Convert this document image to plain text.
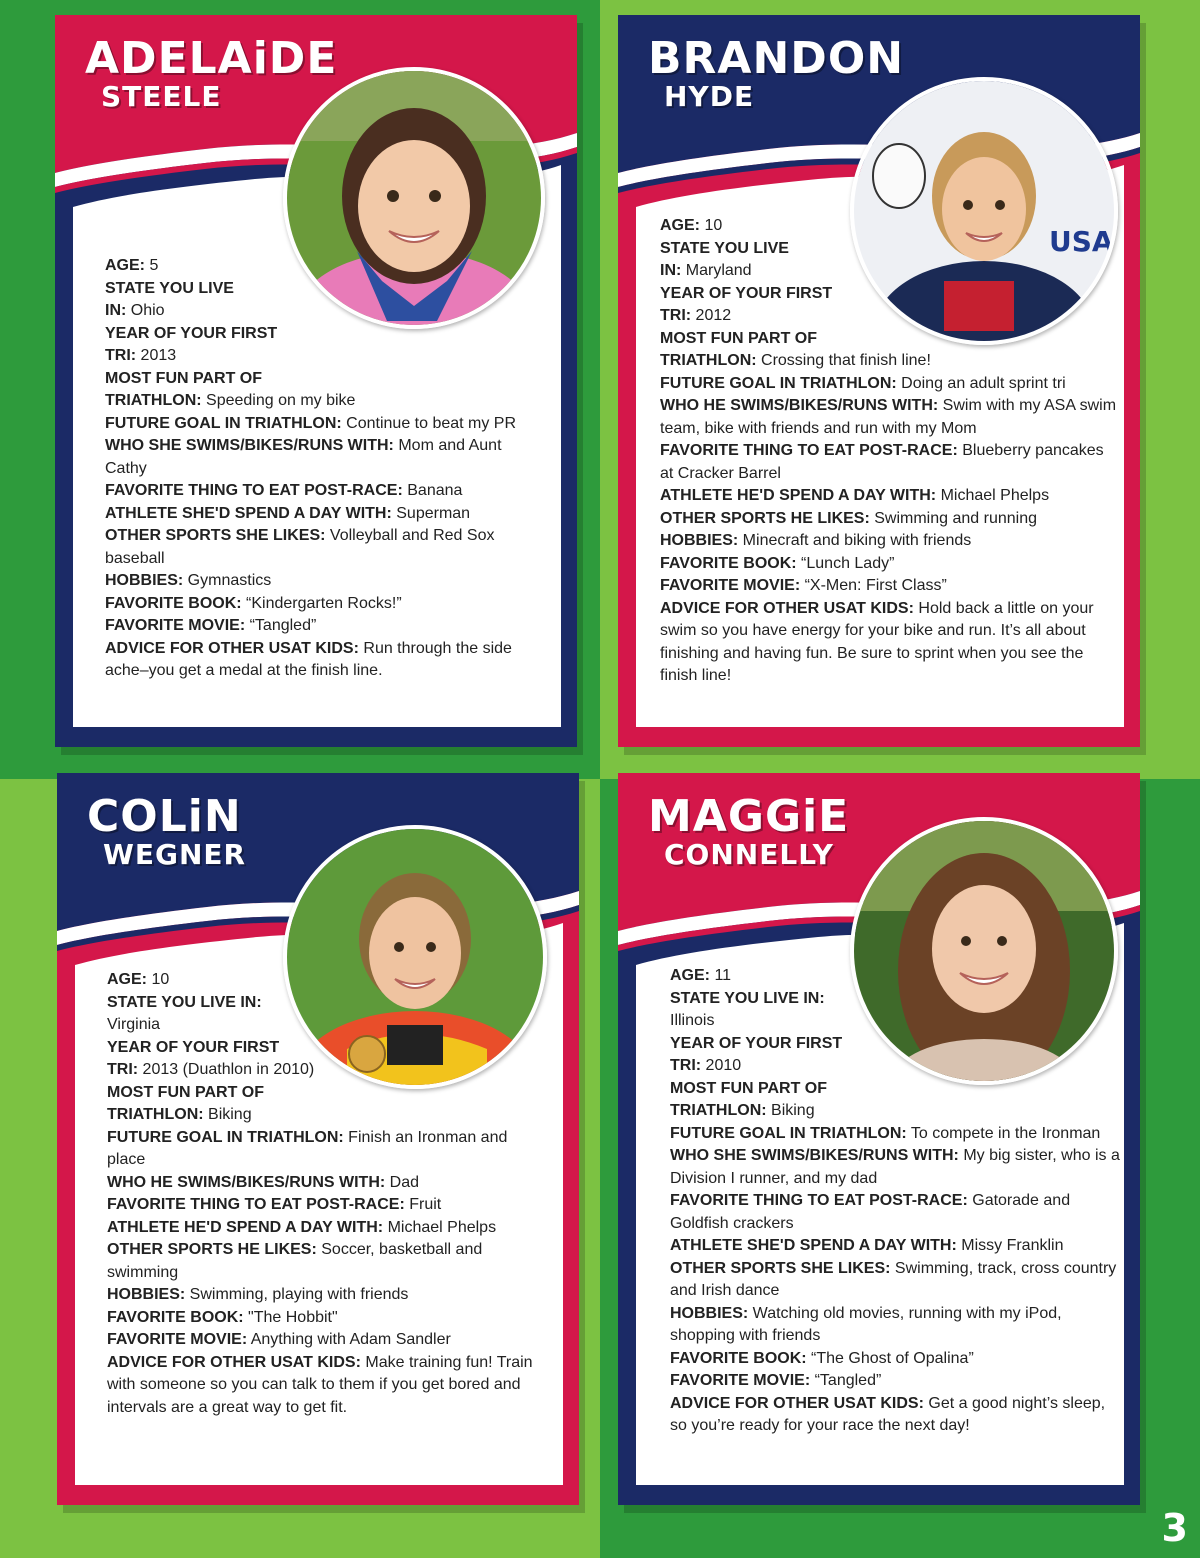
ADELAiDE
STEELE
AGE: 5
STATE YOU LIVE
IN: Ohio
YEAR OF YOUR FIRST
TRI: 2013
MOST FUN PART OF
TRIATHLON: Speeding on my bike
FUTURE GOAL IN TRIATHLON: Continue to beat my PR
WHO SHE SWIMS/BIKES/RUNS WITH: Mom and Aunt Cathy
FAVORITE THING TO EAT POST-RACE: Banana
ATHLETE SHE'D SPEND A DAY WITH: Superman
OTHER SPORTS SHE LIKES: Volleyball and Red Sox baseball
HOBBIES: Gymnastics
FAVORITE BOOK: “Kindergarten Rocks!”
FAVORITE MOVIE: “Tangled”
ADVICE FOR OTHER USAT KIDS: Run through the side ache–you get a medal at the finish line.
BRANDON
HYDE
USA
AGE: 10
STATE YOU LIVE
IN: Maryland
YEAR OF YOUR FIRST
TRI: 2012
MOST FUN PART OF
TRIATHLON: Crossing that finish line!
FUTURE GOAL IN TRIATHLON: Doing an adult sprint tri
WHO HE SWIMS/BIKES/RUNS WITH: Swim with my ASA swim team, bike with friends and run with my Mom
FAVORITE THING TO EAT POST-RACE: Blueberry pancakes at Cracker Barrel
ATHLETE HE'D SPEND A DAY WITH: Michael Phelps
OTHER SPORTS HE LIKES: Swimming and running
HOBBIES: Minecraft and biking with friends
FAVORITE BOOK: “Lunch Lady”
FAVORITE MOVIE: “X-Men: First Class”
ADVICE FOR OTHER USAT KIDS: Hold back a little on your swim so you have energy for your bike and run. It’s all about finishing and having fun. Be sure to sprint when you see the finish line!
COLiN
WEGNER
AGE: 10
STATE YOU LIVE IN:
Virginia
YEAR OF YOUR FIRST
TRI: 2013 (Duathlon in 2010)
MOST FUN PART OF
TRIATHLON: Biking
FUTURE GOAL IN TRIATHLON: Finish an Ironman and place
WHO HE SWIMS/BIKES/RUNS WITH: Dad
FAVORITE THING TO EAT POST-RACE: Fruit
ATHLETE HE'D SPEND A DAY WITH: Michael Phelps
OTHER SPORTS HE LIKES: Soccer, basketball and swimming
HOBBIES: Swimming, playing with friends
FAVORITE BOOK: "The Hobbit"
FAVORITE MOVIE: Anything with Adam Sandler
ADVICE FOR OTHER USAT KIDS: Make training fun! Train with someone so you can talk to them if you get bored and intervals are a great way to get fit.
MAGGiE
CONNELLY
AGE: 11
STATE YOU LIVE IN:
Illinois
YEAR OF YOUR FIRST
TRI: 2010
MOST FUN PART OF
TRIATHLON: Biking
FUTURE GOAL IN TRIATHLON: To compete in the Ironman
WHO SHE SWIMS/BIKES/RUNS WITH: My big sister, who is a Division I runner, and my dad
FAVORITE THING TO EAT POST-RACE: Gatorade and Goldfish crackers
ATHLETE SHE'D SPEND A DAY WITH: Missy Franklin
OTHER SPORTS SHE LIKES: Swimming, track, cross country and Irish dance
HOBBIES: Watching old movies, running with my iPod, shopping with friends
FAVORITE BOOK: “The Ghost of Opalina”
FAVORITE MOVIE: “Tangled”
ADVICE FOR OTHER USAT KIDS: Get a good night’s sleep, so you’re ready for your race the next day!
3
